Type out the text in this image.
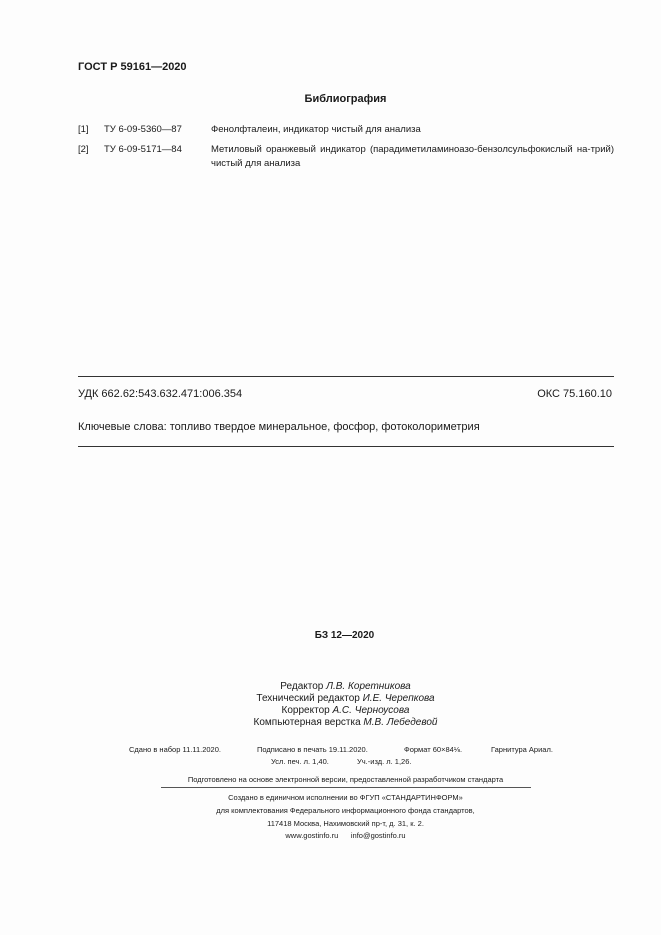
ГОСТ Р 59161—2020
Библиография
[1] ТУ 6-09-5360—87	Фенолфталеин, индикатор чистый для анализа
[2] ТУ 6-09-5171—84	Метиловый оранжевый индикатор (парадиметиламиноазо-бензолсульфокислый на-трий) чистый для анализа
УДК 662.62:543.632.471:006.354	ОКС 75.160.10
Ключевые слова: топливо твердое минеральное, фосфор, фотоколориметрия
БЗ 12—2020
Редактор Л.В. Коретникова
Технический редактор И.Е. Черепкова
Корректор А.С. Черноусова
Компьютерная верстка М.В. Лебедевой
Сдано в набор 11.11.2020.	Подписано в печать 19.11.2020.	Формат 60×84⅛.	Гарнитура Ариал.
Усл. печ. л. 1,40.	Уч.-изд. л. 1,26.
Подготовлено на основе электронной версии, предоставленной разработчиком стандарта
Создано в единичном исполнении во ФГУП «СТАНДАРТИНФОРМ»
для комплектования Федерального информационного фонда стандартов,
117418 Москва, Нахимовский пр-т, д. 31, к. 2.
www.gostinfo.ru info@gostinfo.ru
